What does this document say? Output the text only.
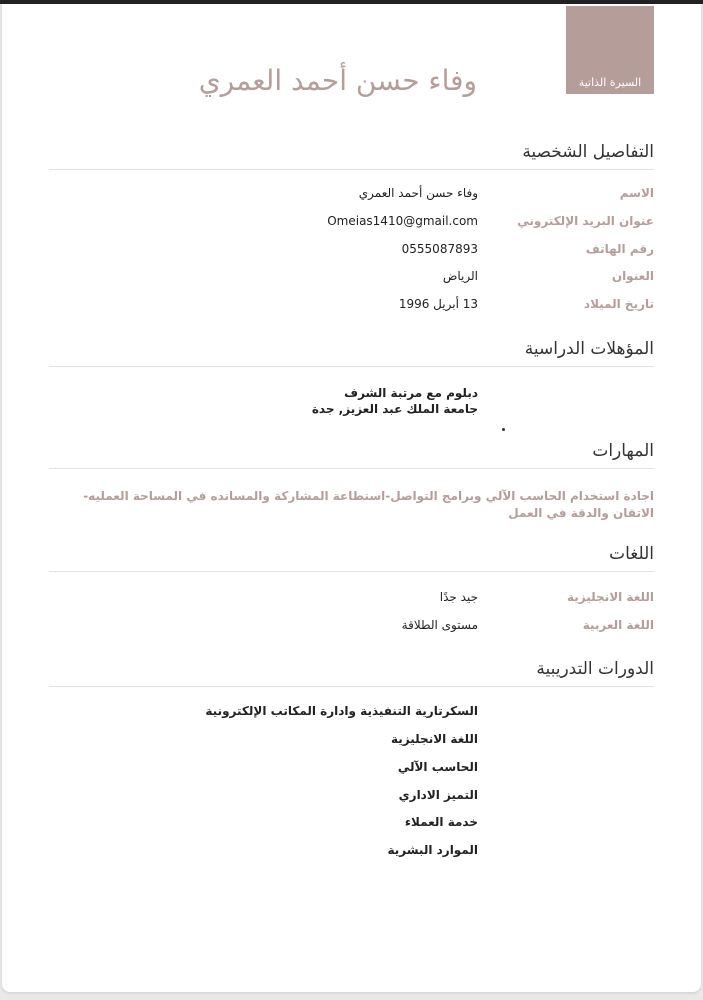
السيرة الذاتية
وفاء حسن أحمد العمري
التفاصيل الشخصية
الاسم
وفاء حسن أحمد العمري
عنوان البريد الإلكتروني
Omeias1410@gmail.com
رقم الهاتف
0555087893
العنوان
الرياض
تاريخ الميلاد
13 أبريل 1996
المؤهلات الدراسية
دبلوم مع مرتبة الشرف
جامعة الملك عبد العزيز, جدة
المهارات
اجادة استخدام الحاسب الآلي وبرامج التواصل-استطاعة المشاركة والمسانده في المساحة العمليه-الاتقان والدقة في العمل
اللغات
اللغة الانجليزية
جيد جدًا
اللغة العربية
مستوى الطلاقة
الدورات التدريبية
السكرتارية التنفيذية وادارة المكاتب الإلكترونية
اللغة الانجليزية
الحاسب الآلي
التميز الاداري
خدمة العملاء
الموارد البشرية
